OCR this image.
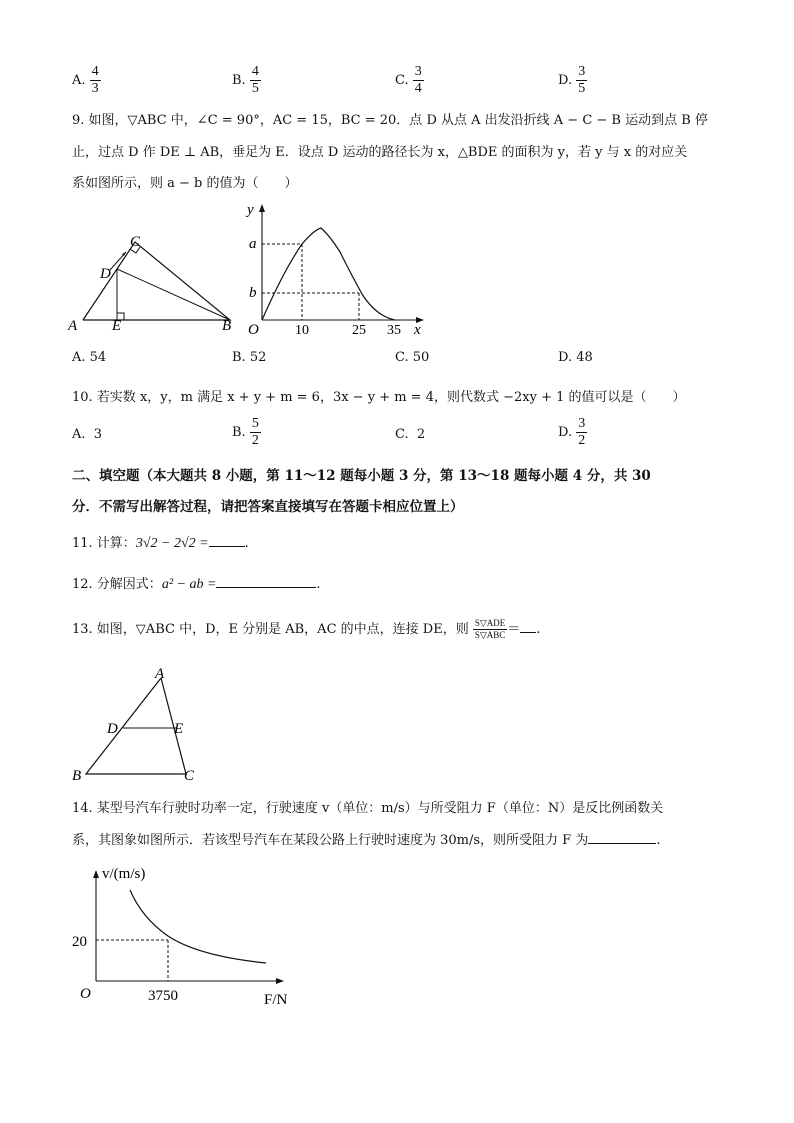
A. $\frac{4}{3}$	B. $\frac{4}{5}$	C. $\frac{3}{4}$	D. $\frac{3}{5}$
9. 如图，▽ABC 中，∠C = 90°，AC = 15，BC = 20．点 D 从点 A 出发沿折线 A − C − B 运动到点 B 停
止，过点 D 作 DE ⊥ AB，垂足为 E．设点 D 运动的路径长为 x，△BDE 的面积为 y，若 y 与 x 的对应关
系如图所示，则 a − b 的值为（　　）
A E	B
C
D
y
x
O
a
b
10	25 35
A. 54	B. 52	C. 50	D. 48
10. 若实数 x，y，m 满足 x + y + m = 6，3x − y + m = 4，则代数式 −2xy + 1 的值可以是（　　）
A. 3	B. $\frac{5}{2}$	C. 2	D. $\frac{3}{2}$
二、填空题（本大题共 8 小题，第 11～12 题每小题 3 分，第 13～18 题每小题 4 分，共 30
分．不需写出解答过程，请把答案直接填写在答题卡相应位置上）
11. 计算：3√2 − 2√2 =	.
12. 分解因式：a² − ab =	.
13. 如图，▽ABC 中，D，E 分别是 AB，AC 的中点，连接 DE，则 $\frac{\text{S▽ADE}}{\text{S▽ABC}}$ ＝ .
A
D	E
B	C
14. 某型号汽车行驶时功率一定，行驶速度 v（单位：m/s）与所受阻力 F（单位：N）是反比例函数关
系，其图象如图所示．若该型号汽车在某段公路上行驶时速度为 30m/s，则所受阻力 F 为	.
v/(m/s)
F/N
O
20
3750
